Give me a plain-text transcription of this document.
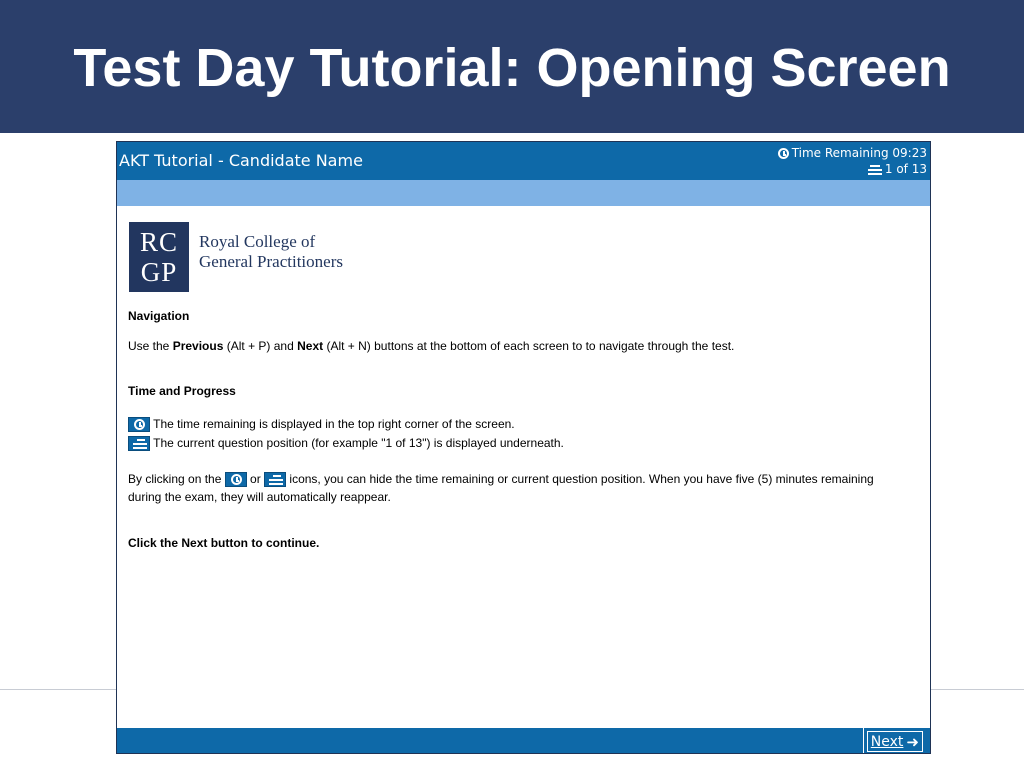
Test Day Tutorial: Opening Screen
AKT Tutorial - Candidate Name	Time Remaining 09:23
1 of 13
RC
GP
Royal College of
General Practitioners
Navigation
Use the Previous (Alt + P) and Next (Alt + N) buttons at the bottom of each screen to to navigate through the test.
Time and Progress
The time remaining is displayed in the top right corner of the screen.
The current question position (for example "1 of 13") is displayed underneath.
By clicking on the
or
icons, you can hide the time remaining or current question position. When you have five (5) minutes remaining
during the exam, they will automatically reappear.
Click the Next button to continue.
Next ➜
